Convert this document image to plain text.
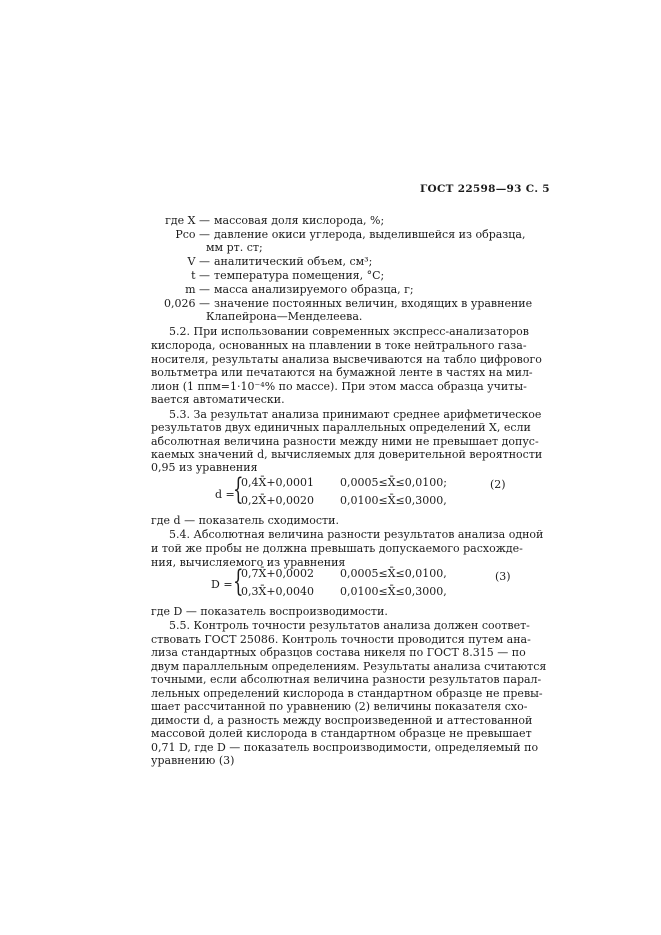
ГОСТ 22598—93 С. 5
где X — массовая доля кислорода, %;
Pco — давление окиси углерода, выделившейся из образца,
мм рт. ст;
V — аналитический объем, см³;
t — температура помещения, °С;
m — масса анализируемого образца, г;
0,026 — значение постоянных величин, входящих в уравнение
Клапейрона—Менделеева.
5.2. При использовании современных экспресс-анализаторов
кислорода, основанных на плавлении в токе нейтрального газа-
носителя, результаты анализа высвечиваются на табло цифрового
вольтметра или печатаются на бумажной ленте в частях на мил-
лион (1 ппм=1·10⁻⁴% по массе). При этом масса образца учиты-
вается автоматически.
5.3. За результат анализа принимают среднее арифметическое
результатов двух единичных параллельных определений X, если
абсолютная величина разности между ними не превышает допус-
каемых значений d, вычисляемых для доверительной вероятности
0,95 из уравнения
d =
{
0,4X̄+0,0001 0,0005≤X̄≤0,0100;
0,2X̄+0,0020 0,0100≤X̄≤0,3000,
(2)
где d — показатель сходимости.
5.4. Абсолютная величина разности результатов анализа одной
и той же пробы не должна превышать допускаемого расхожде-
ния, вычисляемого из уравнения
D = {
0,7X̄+0,0002 0,0005≤X̄≤0,0100,
0,3X̄+0,0040 0,0100≤X̄≤0,3000,
(3)
где D — показатель воспроизводимости.
5.5. Контроль точности результатов анализа должен соответ-
ствовать ГОСТ 25086. Контроль точности проводится путем ана-
лиза стандартных образцов состава никеля по ГОСТ 8.315 — по
двум параллельным определениям. Результаты анализа считаются
точными, если абсолютная величина разности результатов парал-
лельных определений кислорода в стандартном образце не превы-
шает рассчитанной по уравнению (2) величины показателя схо-
димости d, а разность между воспроизведенной и аттестованной
массовой долей кислорода в стандартном образце не превышает
0,71 D, где D — показатель воспроизводимости, определяемый по
уравнению (3)
